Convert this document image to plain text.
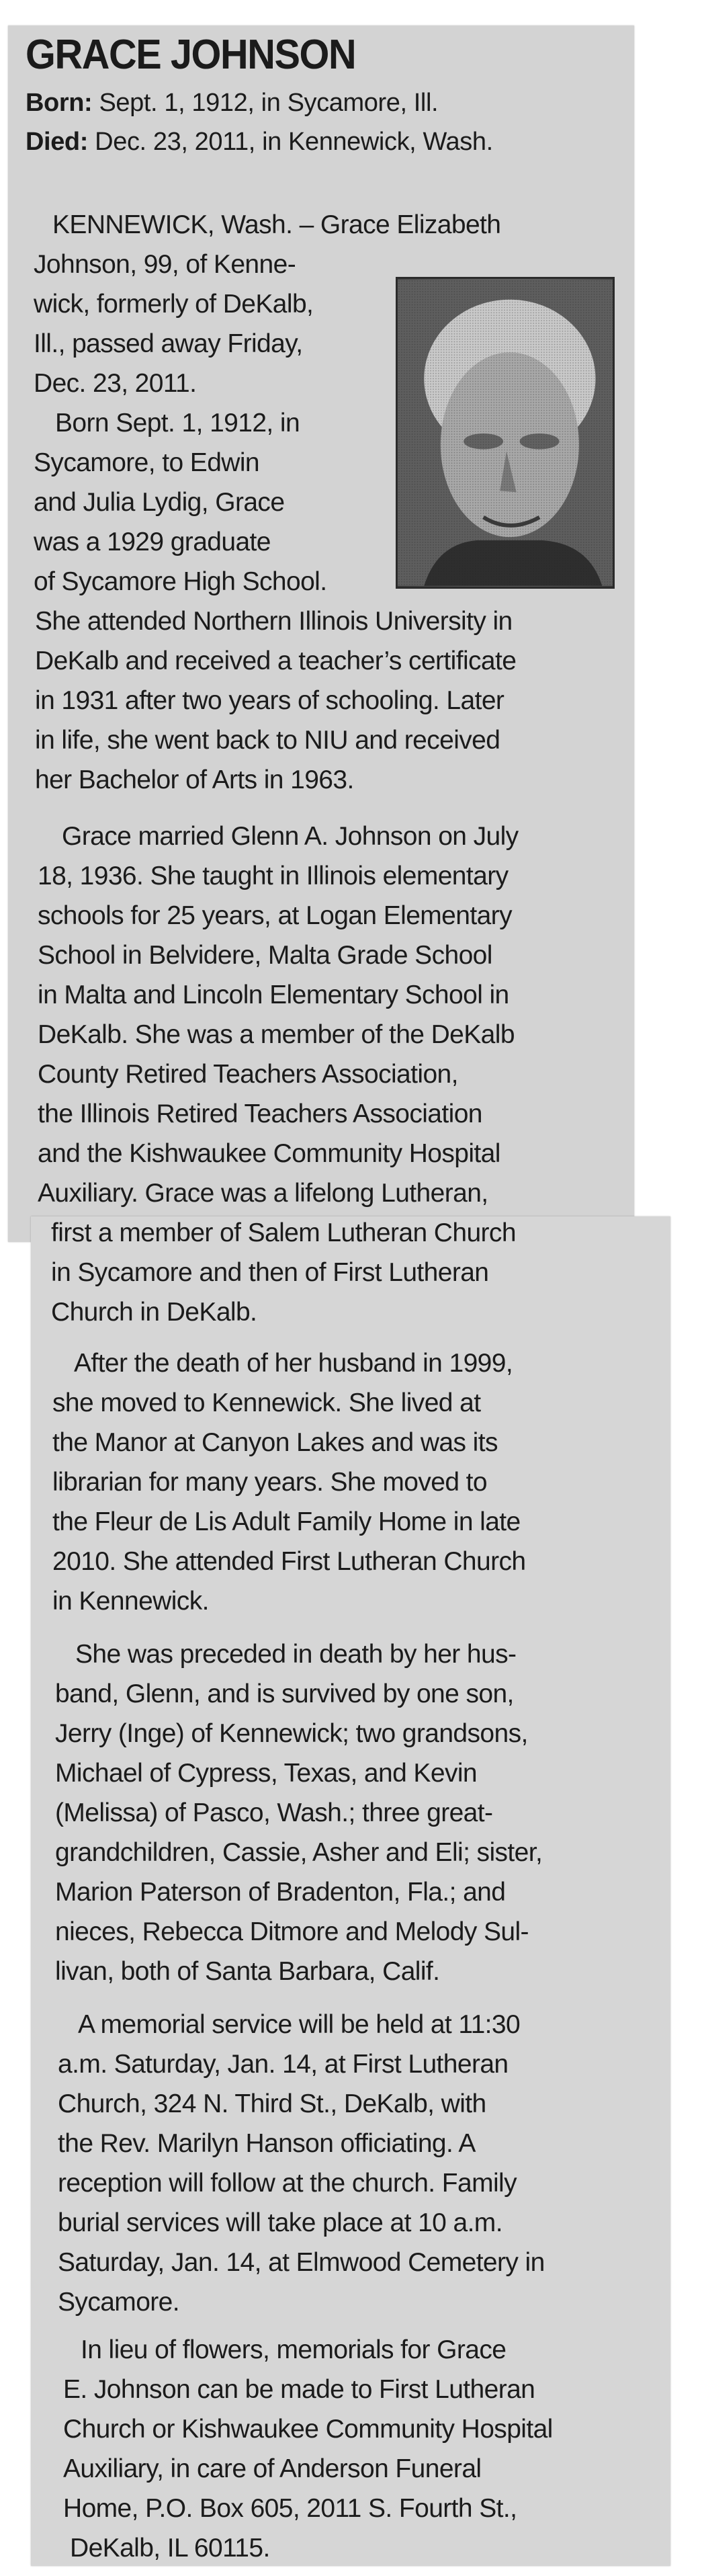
GRACE JOHNSON
Born: Sept. 1, 1912, in Sycamore, Ill.
Died: Dec. 23, 2011, in Kennewick, Wash.
KENNEWICK, Wash. – Grace Elizabeth
Johnson, 99, of Kenne-
wick, formerly of DeKalb,
Ill., passed away Friday,
Dec. 23, 2011.
Born Sept. 1, 1912, in
Sycamore, to Edwin
and Julia Lydig, Grace
was a 1929 graduate
of Sycamore High School.
She attended Northern Illinois University in
DeKalb and received a teacher’s certificate
in 1931 after two years of schooling. Later
in life, she went back to NIU and received
her Bachelor of Arts in 1963.
Grace married Glenn A. Johnson on July
18, 1936. She taught in Illinois elementary
schools for 25 years, at Logan Elementary
School in Belvidere, Malta Grade School
in Malta and Lincoln Elementary School in
DeKalb. She was a member of the DeKalb
County Retired Teachers Association,
the Illinois Retired Teachers Association
and the Kishwaukee Community Hospital
Auxiliary. Grace was a lifelong Lutheran,
first a member of Salem Lutheran Church
in Sycamore and then of First Lutheran
Church in DeKalb.
After the death of her husband in 1999,
she moved to Kennewick. She lived at
the Manor at Canyon Lakes and was its
librarian for many years. She moved to
the Fleur de Lis Adult Family Home in late
2010. She attended First Lutheran Church
in Kennewick.
She was preceded in death by her hus-
band, Glenn, and is survived by one son,
Jerry (Inge) of Kennewick; two grandsons,
Michael of Cypress, Texas, and Kevin
(Melissa) of Pasco, Wash.; three great-
grandchildren, Cassie, Asher and Eli; sister,
Marion Paterson of Bradenton, Fla.; and
nieces, Rebecca Ditmore and Melody Sul-
livan, both of Santa Barbara, Calif.
A memorial service will be held at 11:30
a.m. Saturday, Jan. 14, at First Lutheran
Church, 324 N. Third St., DeKalb, with
the Rev. Marilyn Hanson officiating. A
reception will follow at the church. Family
burial services will take place at 10 a.m.
Saturday, Jan. 14, at Elmwood Cemetery in
Sycamore.
In lieu of flowers, memorials for Grace
E. Johnson can be made to First Lutheran
Church or Kishwaukee Community Hospital
Auxiliary, in care of Anderson Funeral
Home, P.O. Box 605, 2011 S. Fourth St.,
DeKalb, IL 60115.
